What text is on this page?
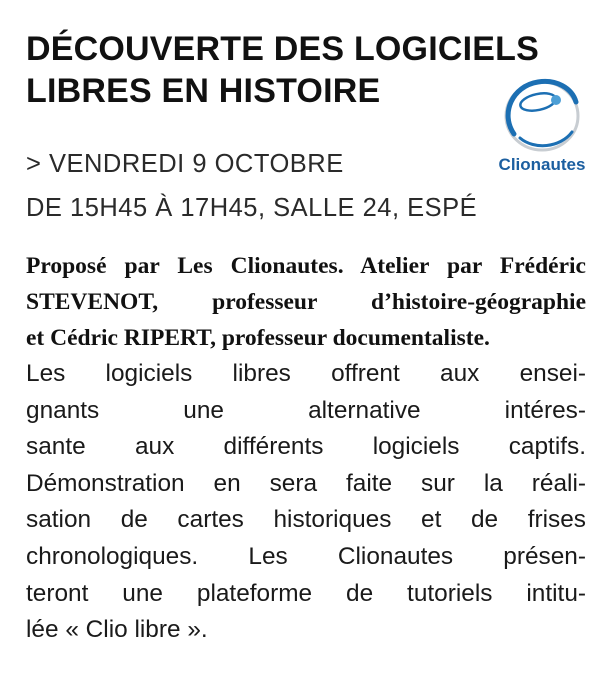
DÉCOUVERTE DES LOGICIELS
LIBRES EN HISTOIRE
Clionautes
> VENDREDI 9 OCTOBRE
DE 15H45 À 17H45, SALLE 24, ESPÉ
Proposé par Les Clionautes. Atelier par Frédéric
STEVENOT, professeur d’histoire-géographie
et Cédric RIPERT, professeur documentaliste.
Les logiciels libres offrent aux ensei-
gnants une alternative intéres-
sante aux différents logiciels captifs.
Démonstration en sera faite sur la réali-
sation de cartes historiques et de frises
chronologiques. Les Clionautes présen-
teront une plateforme de tutoriels intitu-
lée « Clio libre ».
